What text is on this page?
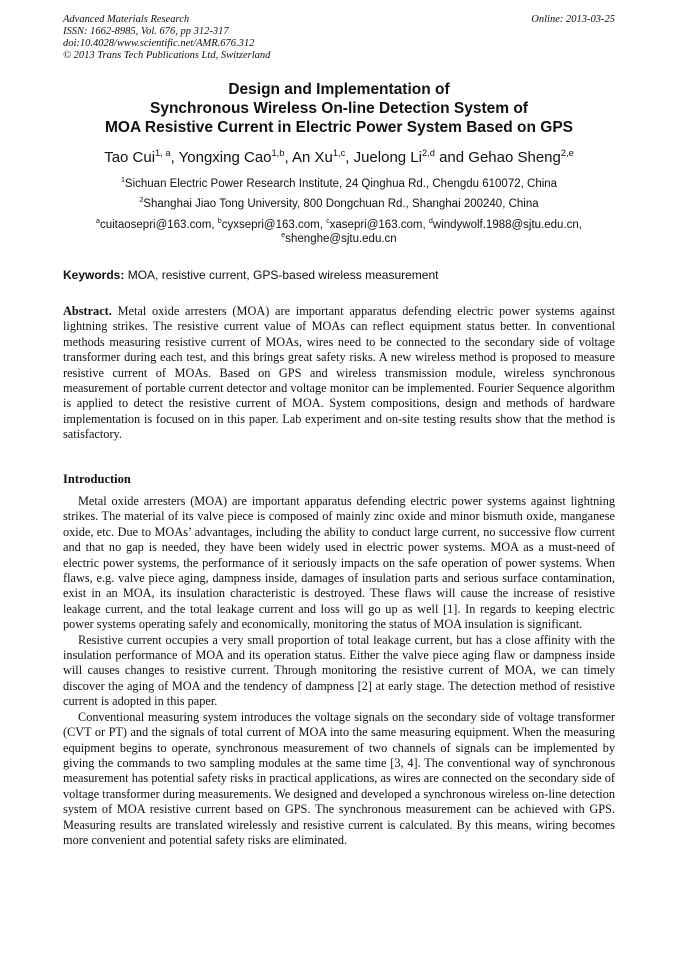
Advanced Materials Research
ISSN: 1662-8985, Vol. 676, pp 312-317
doi:10.4028/www.scientific.net/AMR.676.312
© 2013 Trans Tech Publications Ltd, Switzerland
Online: 2013-03-25
Design and Implementation of
Synchronous Wireless On-line Detection System of
MOA Resistive Current in Electric Power System Based on GPS
Tao Cui$^{1, a}$, Yongxing Cao$^{1,b}$, An Xu$^{1,c}$, Juelong Li$^{2,d}$ and Gehao Sheng$^{2,e}$
$^1$Sichuan Electric Power Research Institute, 24 Qinghua Rd., Chengdu 610072, China
$^2$Shanghai Jiao Tong University, 800 Dongchuan Rd., Shanghai 200240, China
$^a$cuitaosepri@163.com, $^b$cyxsepri@163.com, $^c$xasepri@163.com, $^d$windywolf.1988@sjtu.edu.cn,
$^e$shenghe@sjtu.edu.cn
Keywords: MOA, resistive current, GPS-based wireless measurement

Abstract. Metal oxide arresters (MOA) are important apparatus defending electric power systems against lightning strikes. The resistive current value of MOAs can reflect equipment status better. In conventional methods measuring resistive current of MOAs, wires need to be connected to the secondary side of voltage transformer during each test, and this brings great safety risks. A new wireless method is proposed to measure resistive current of MOAs. Based on GPS and wireless transmission module, wireless synchronous measurement of portable current detector and voltage monitor can be implemented. Fourier Sequence algorithm is applied to detect the resistive current of MOA. System compositions, design and methods of hardware implementation is focused on in this paper. Lab experiment and on-site testing results show that the method is satisfactory.

Introduction

Metal oxide arresters (MOA) are important apparatus defending electric power systems against lightning strikes. The material of its valve piece is composed of mainly zinc oxide and minor bismuth oxide, manganese oxide, etc. Due to MOAs’ advantages, including the ability to conduct large current, no successive flow current and that no gap is needed, they have been widely used in electric power systems. MOA as a must-need of electric power systems, the performance of it seriously impacts on the safe operation of power systems. When flaws, e.g. valve piece aging, dampness inside, damages of insulation parts and serious surface contamination, exist in an MOA, its insulation characteristic is destroyed. These flaws will cause the increase of resistive leakage current, and the total leakage current and loss will go up as well [1]. In regards to keeping electric power systems operating safely and economically, monitoring the status of MOA insulation is significant.

Resistive current occupies a very small proportion of total leakage current, but has a close affinity with the insulation performance of MOA and its operation status. Either the valve piece aging flaw or dampness inside will causes changes to resistive current. Through monitoring the resistive current of MOA, we can timely discover the aging of MOA and the tendency of dampness [2] at early stage. The detection method of resistive current is adopted in this paper.

Conventional measuring system introduces the voltage signals on the secondary side of voltage transformer (CVT or PT) and the signals of total current of MOA into the same measuring equipment. When the measuring equipment begins to operate, synchronous measurement of two channels of signals can be implemented by giving the commands to two sampling modules at the same time [3, 4]. The conventional way of synchronous measurement has potential safety risks in practical applications, as wires are connected on the secondary side of voltage transformer during measurements. We designed and developed a synchronous wireless on-line detection system of MOA resistive current based on GPS. The synchronous measurement can be achieved with GPS. Measuring results are translated wirelessly and resistive current is calculated. By this means, wiring becomes more convenient and potential safety risks are eliminated.
